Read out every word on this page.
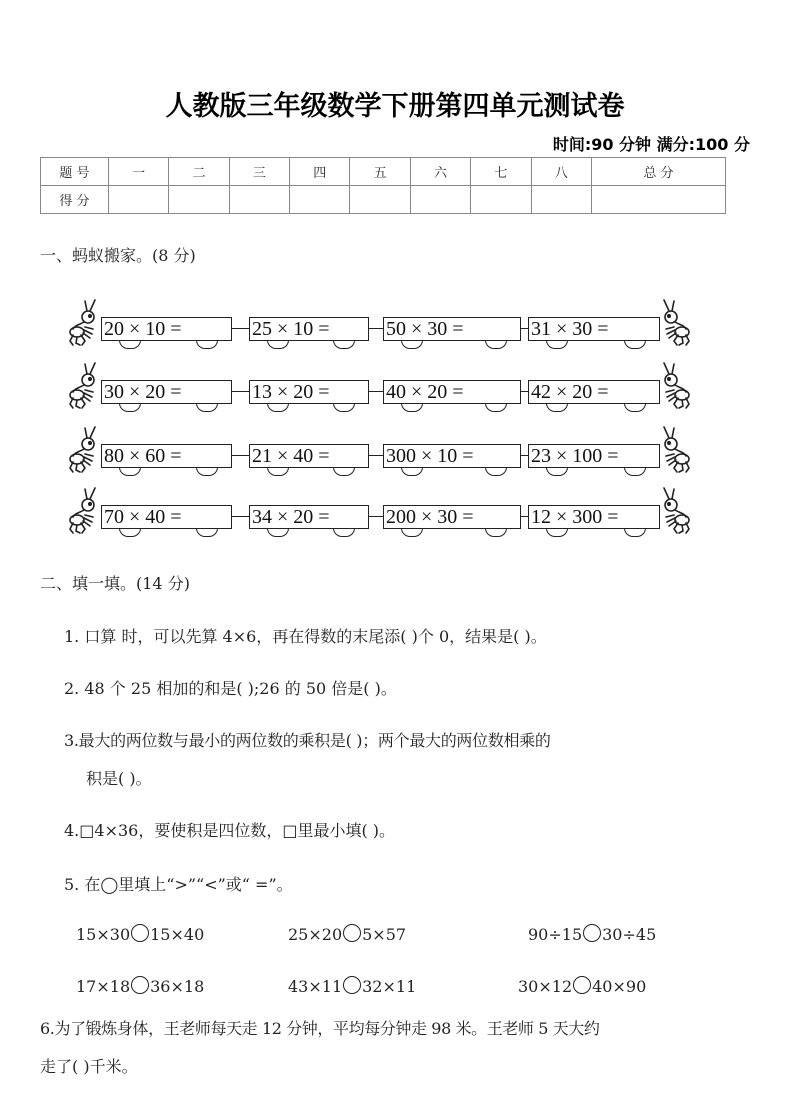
人教版三年级数学下册第四单元测试卷
时间:90 分钟 满分:100 分
题 号	一	二	三	四	五	六	七	八	总 分
得 分									
一、蚂蚁搬家。(8 分)
20 × 10 =	25 × 10 =	50 × 30 =	31 × 30 =
30 × 20 =	13 × 20 =	40 × 20 =	42 × 20 =
80 × 60 =	21 × 40 =	300 × 10 =	23 × 100 =
70 × 40 =	34 × 20 =	200 × 30 =	12 × 300 =
二、填一填。(14 分)
1. 口算 时，可以先算 4×6，再在得数的末尾添( )个 0，结果是( )。
2. 48 个 25 相加的和是( );26 的 50 倍是( )。
3.最大的两位数与最小的两位数的乘积是( )；两个最大的两位数相乘的
积是( )。
4.□4×36，要使积是四位数，□里最小填( )。
5. 在◯里填上“>”“<”或“ =”。
15×30 15×40	25×20 5×57	90÷15 30÷45
17×18 36×18	43×11 32×11	30×12 40×90
6.为了锻炼身体，王老师每天走 12 分钟，平均每分钟走 98 米。王老师 5 天大约
走了( )千米。
